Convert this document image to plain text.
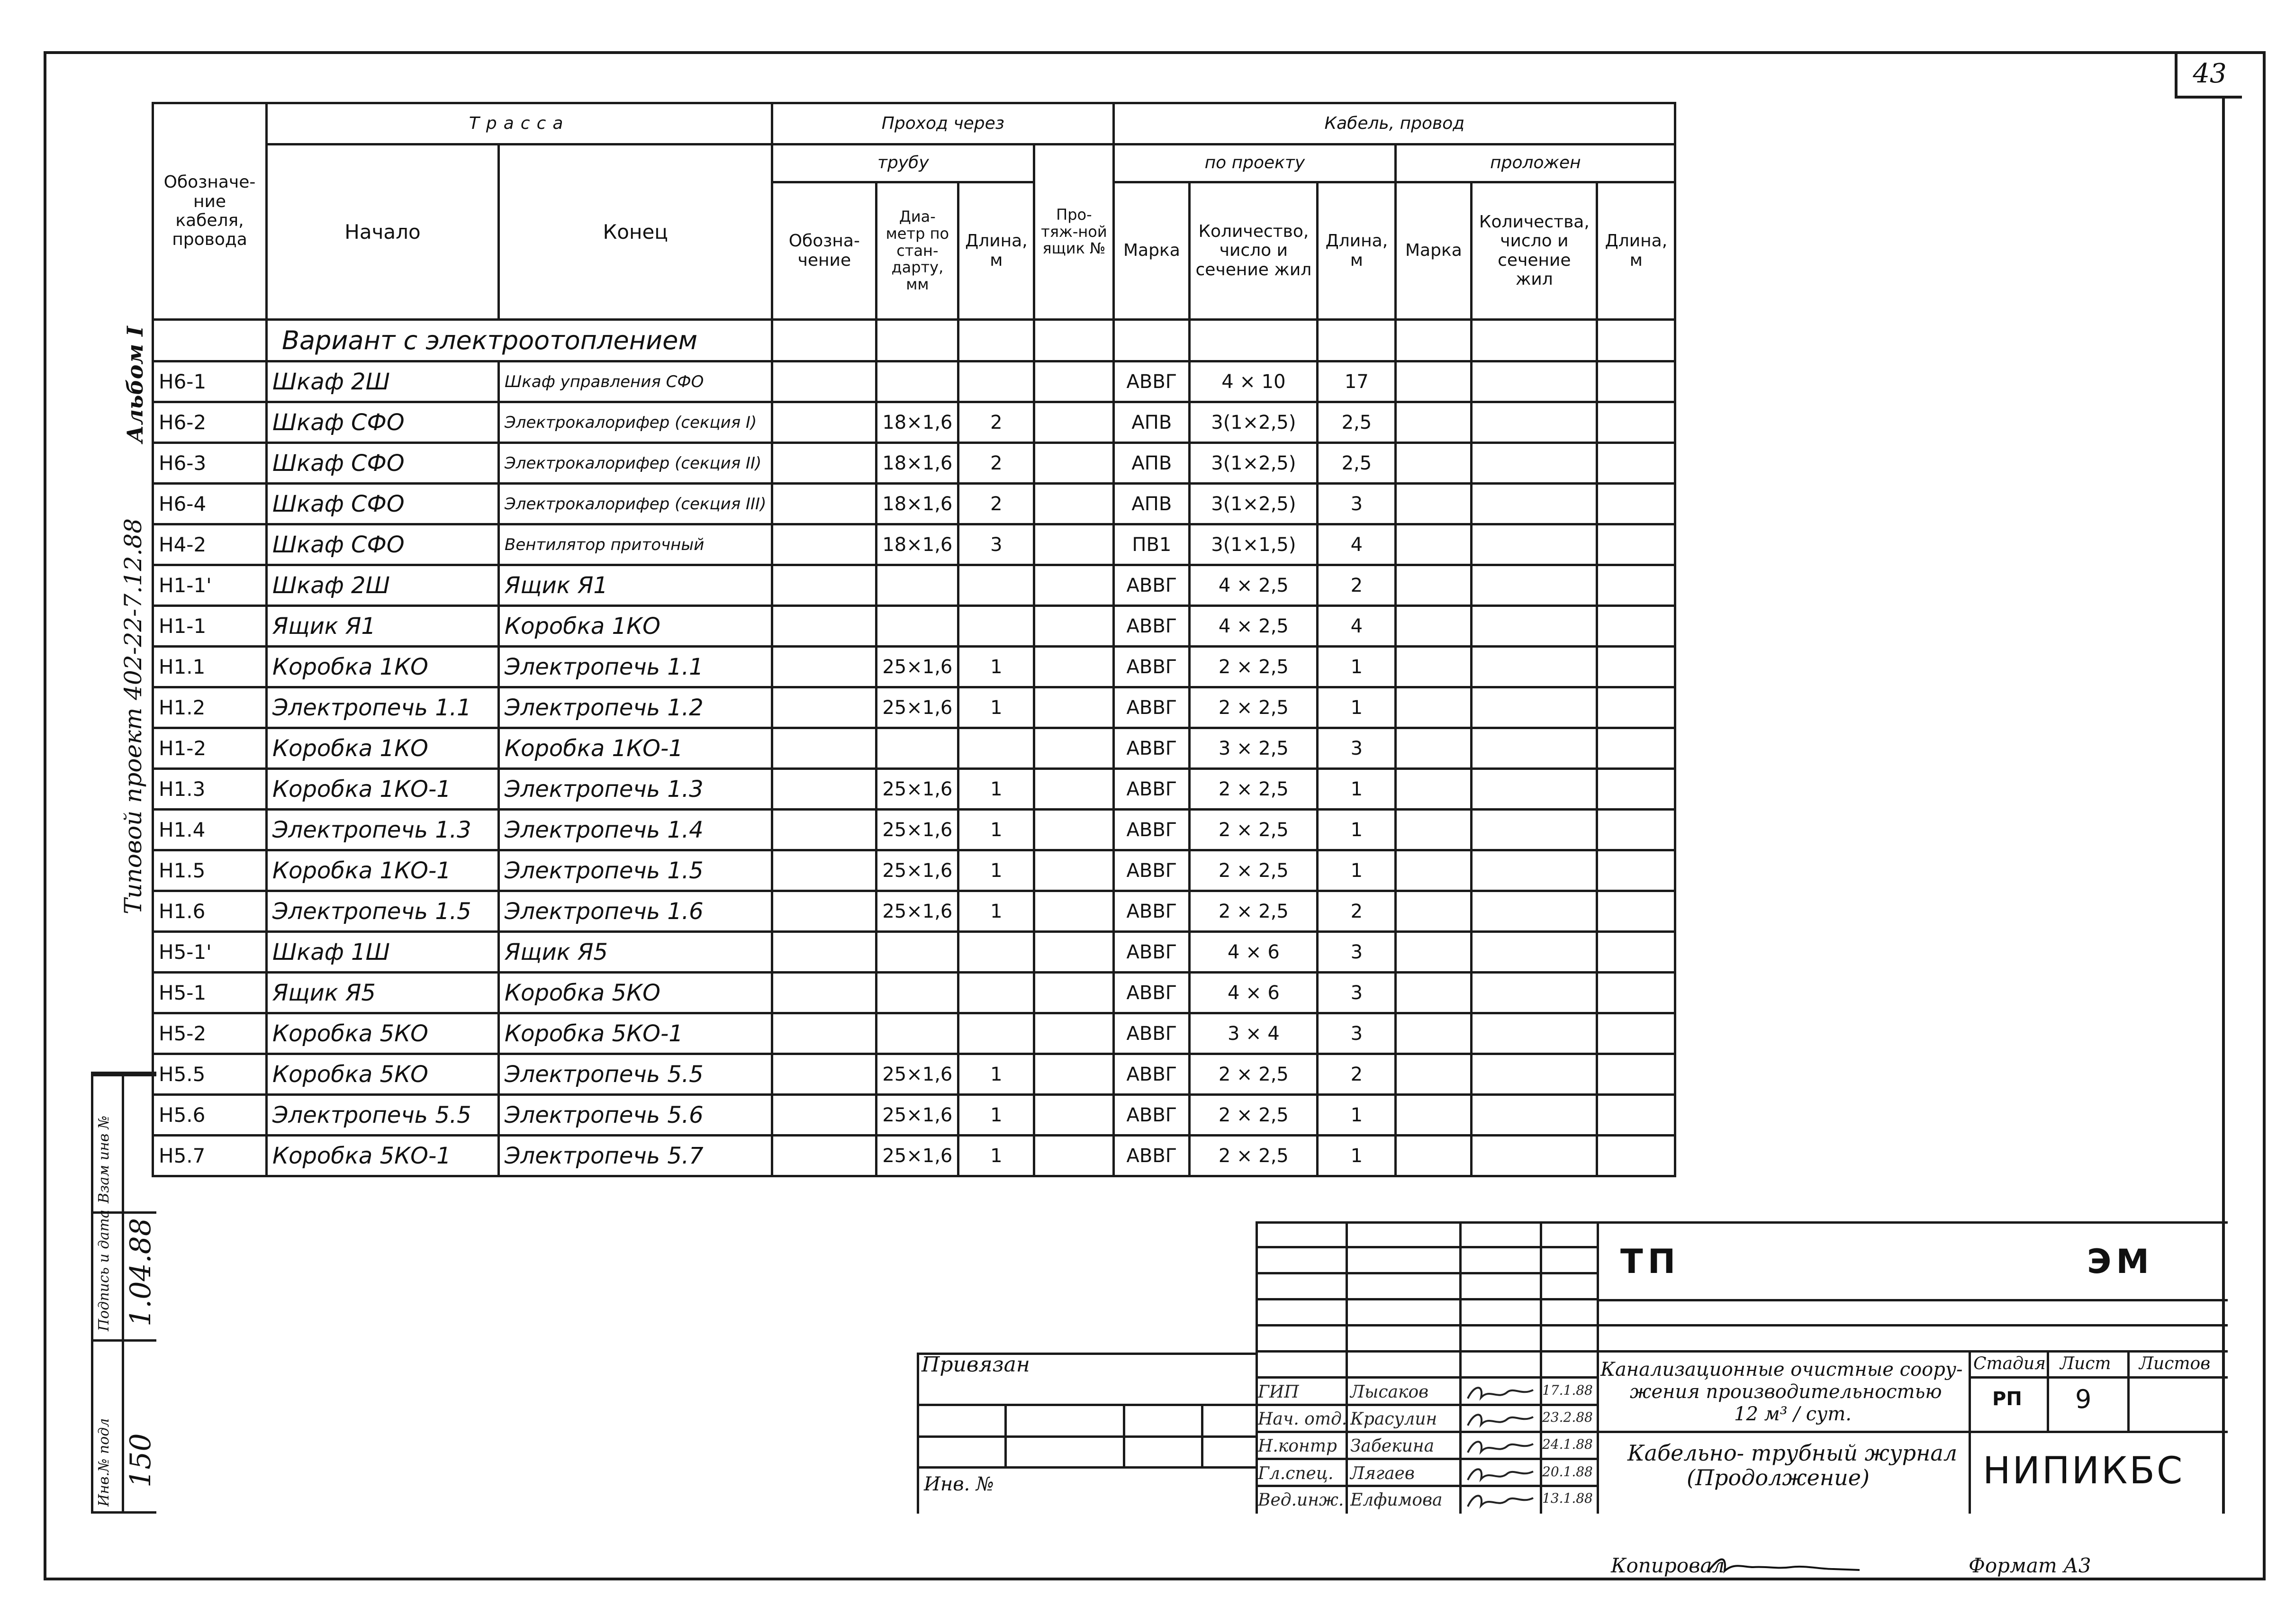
43
Альбом I
Типовой проект 402-22-7.12.88
Взам инв №
Подпись и дата
Инв.№ подл
1.04.88
150
Обозначе-ние кабеля, провода	Трасса		Проход через				Кабель, провод					
	Начало	Конец	трубу			Про-тяж-ной ящик №	по проекту			проложен		
			Обозна-чение	Диа-метр по стан-дарту, мм	Длина, м		Марка	Количество, число и сечение жил	Длина, м	Марка	Количества, число и сечение жил	Длина, м
	Вариант с электроотоплением											
Н6-1	Шкаф 2Ш	Шкаф управления СФО					АВВГ	4 × 10	17			
Н6-2	Шкаф СФО	Электрокалорифер (секция I)		18×1,6	2		АПВ	3(1×2,5)	2,5			
Н6-3	Шкаф СФО	Электрокалорифер (секция II)		18×1,6	2		АПВ	3(1×2,5)	2,5			
Н6-4	Шкаф СФО	Электрокалорифер (секция III)		18×1,6	2		АПВ	3(1×2,5)	3			
Н4-2	Шкаф СФО	Вентилятор приточный		18×1,6	3		ПВ1	3(1×1,5)	4			
Н1-1'	Шкаф 2Ш	Ящик Я1					АВВГ	4 × 2,5	2			
Н1-1	Ящик Я1	Коробка 1КО					АВВГ	4 × 2,5	4			
Н1.1	Коробка 1КО	Электропечь 1.1		25×1,6	1		АВВГ	2 × 2,5	1			
Н1.2	Электропечь 1.1	Электропечь 1.2		25×1,6	1		АВВГ	2 × 2,5	1			
Н1-2	Коробка 1КО	Коробка 1КО-1					АВВГ	3 × 2,5	3			
Н1.3	Коробка 1КО-1	Электропечь 1.3		25×1,6	1		АВВГ	2 × 2,5	1			
Н1.4	Электропечь 1.3	Электропечь 1.4		25×1,6	1		АВВГ	2 × 2,5	1			
Н1.5	Коробка 1КО-1	Электропечь 1.5		25×1,6	1		АВВГ	2 × 2,5	1			
Н1.6	Электропечь 1.5	Электропечь 1.6		25×1,6	1		АВВГ	2 × 2,5	2			
Н5-1'	Шкаф 1Ш	Ящик Я5					АВВГ	4 × 6	3			
Н5-1	Ящик Я5	Коробка 5КО					АВВГ	4 × 6	3			
Н5-2	Коробка 5КО	Коробка 5КО-1					АВВГ	3 × 4	3			
Н5.5	Коробка 5КО	Электропечь 5.5		25×1,6	1		АВВГ	2 × 2,5	2			
Н5.6	Электропечь 5.5	Электропечь 5.6		25×1,6	1		АВВГ	2 × 2,5	1			
Н5.7	Коробка 5КО-1	Электропечь 5.7		25×1,6	1		АВВГ	2 × 2,5	1			
Привязан
Инв. №
ГИП	Лысаков	17.1.88
Нач. отд. Красулин	23.2.88
Н.контр Забекина	24.1.88
Гл.спец. Лягаев	20.1.88
Вед.инж. Елфимова	13.1.88
ТП	ЭМ
Канализационные очистные соору-
жения производительностью
12 м³ / сут.
Кабельно- трубный журнал
(Продолжение)
Стадия Лист Листов
РП 9
НИПИКБС
Копировал	Формат А3
